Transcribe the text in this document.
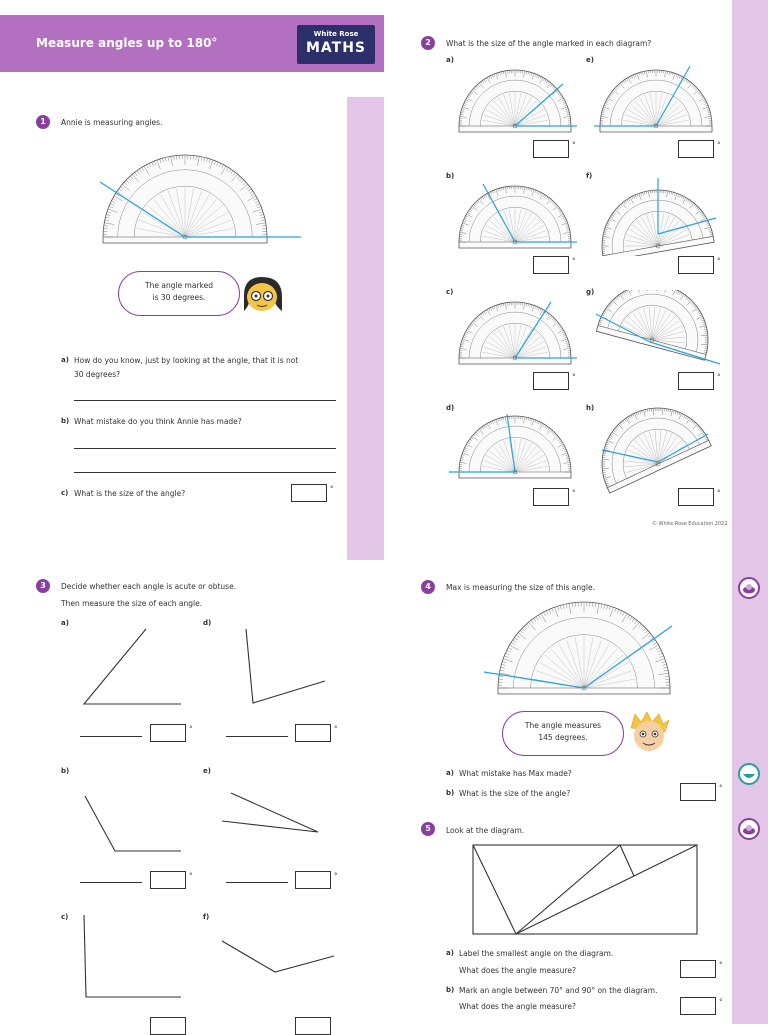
Measure angles up to 180°
White Rose
MATHS
1	Annie is measuring angles.
The angle marked
is 30 degrees.
a) How do you know, just by looking at the angle, that it is not
30 degrees?
b) What mistake do you think Annie has made?
c) What is the size of the angle?	°
2	What is the size of the angle marked in each diagram?
a)
b)
c)
d)
e)
f)
g)
h)
°
°
°
°
°
°
°
°
© White Rose Education 2022
3	Decide whether each angle is acute or obtuse.
Then measure the size of each angle.
a)	d)
b)	e)
c)	f)
°	°
°	°
4	Max is measuring the size of this angle.
The angle measures
145 degrees.
a) What mistake has Max made?
b) What is the size of the angle?
°
5	Look at the diagram.
a) Label the smallest angle on the diagram.
What does the angle measure?
°
b) Mark an angle between 70° and 90° on the diagram.
What does the angle measure?	°
